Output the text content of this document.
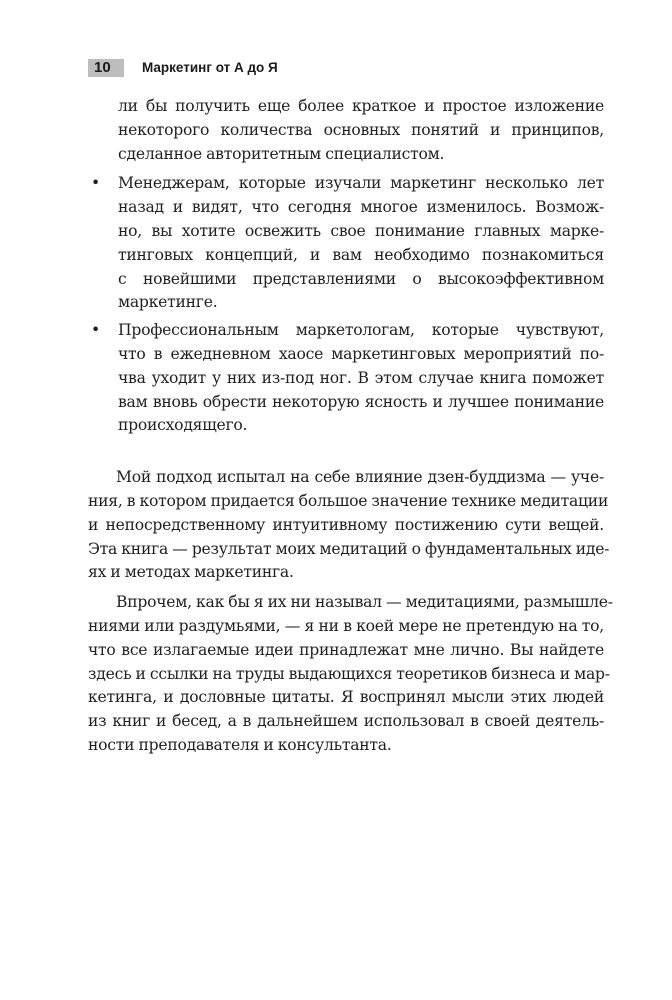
10	Маркетинг от А до Я
ли бы получить еще более краткое и простое изложение
некоторого количества основных понятий и принципов,
сделанное авторитетным специалистом.
• Менеджерам, которые изучали маркетинг несколько лет
назад и видят, что сегодня многое изменилось. Возмож-
но, вы хотите освежить свое понимание главных марке-
тинговых концепций, и вам необходимо познакомиться
с новейшими представлениями о высокоэффективном
маркетинге.
• Профессиональным маркетологам, которые чувствуют,
что в ежедневном хаосе маркетинговых мероприятий по-
чва уходит у них из-под ног. В этом случае книга поможет
вам вновь обрести некоторую ясность и лучшее понимание
происходящего.
Мой подход испытал на себе влияние дзен-буддизма — уче-
ния, в котором придается большое значение технике медитации
и непосредственному интуитивному постижению сути вещей.
Эта книга — результат моих медитаций о фундаментальных иде-
ях и методах маркетинга.
Впрочем, как бы я их ни называл — медитациями, размышле-
ниями или раздумьями, — я ни в коей мере не претендую на то,
что все излагаемые идеи принадлежат мне лично. Вы найдете
здесь и ссылки на труды выдающихся теоретиков бизнеса и мар-
кетинга, и дословные цитаты. Я воспринял мысли этих людей
из книг и бесед, а в дальнейшем использовал в своей деятель-
ности преподавателя и консультанта.
